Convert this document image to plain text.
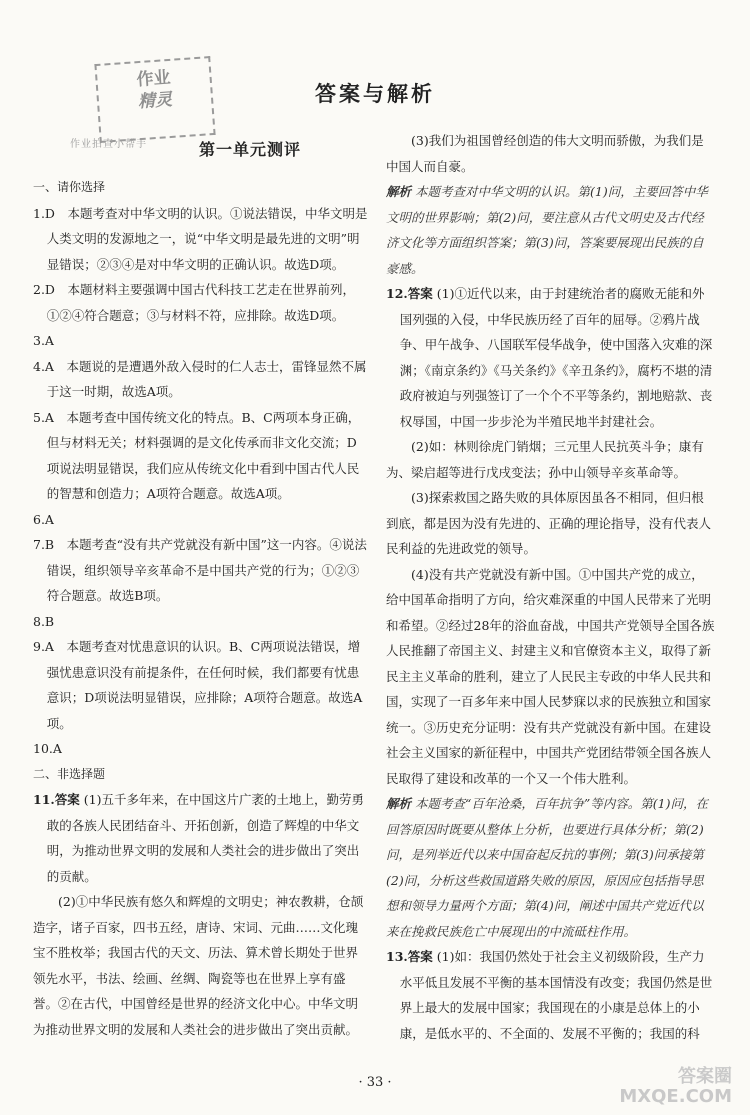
答案与解析
作业
精灵
作业拍查小帮手	第一单元测评

一、请你选择

1.D　本题考查对中华文明的认识。①说法错误，中华文明是人类文明的发源地之一，说“中华文明是最先进的文明”明显错误；②③④是对中华文明的正确认识。故选D项。

2.D　本题材料主要强调中国古代科技工艺走在世界前列，①②④符合题意；③与材料不符，应排除。故选D项。

3.A

4.A　本题说的是遭遇外敌入侵时的仁人志士，雷锋显然不属于这一时期，故选A项。

5.A　本题考查中国传统文化的特点。B、C两项本身正确，但与材料无关；材料强调的是文化传承而非文化交流；D项说法明显错误，我们应从传统文化中看到中国古代人民的智慧和创造力；A项符合题意。故选A项。

6.A

7.B　本题考查“没有共产党就没有新中国”这一内容。④说法错误，组织领导辛亥革命不是中国共产党的行为；①②③符合题意。故选B项。

8.B

9.A　本题考查对忧患意识的认识。B、C两项说法错误，增强忧患意识没有前提条件，在任何时候，我们都要有忧患意识；D项说法明显错误，应排除；A项符合题意。故选A项。

10.A

二、非选择题

11.答案 (1)五千多年来，在中国这片广袤的土地上，勤劳勇敢的各族人民团结奋斗、开拓创新，创造了辉煌的中华文明，为推动世界文明的发展和人类社会的进步做出了突出的贡献。

(2)①中华民族有悠久和辉煌的文明史；神农教耕，仓颉造字，诸子百家，四书五经，唐诗、宋词、元曲……文化瑰宝不胜枚举；我国古代的天文、历法、算术曾长期处于世界领先水平，书法、绘画、丝绸、陶瓷等也在世界上享有盛誉。②在古代，中国曾经是世界的经济文化中心。中华文明为推动世界文明的发展和人类社会的进步做出了突出贡献。

(3)我们为祖国曾经创造的伟大文明而骄傲，为我们是中国人而自豪。

解析 本题考查对中华文明的认识。第(1)问，主要回答中华文明的世界影响；第(2)问，要注意从古代文明史及古代经济文化等方面组织答案；第(3)问，答案要展现出民族的自豪感。

12.答案 (1)①近代以来，由于封建统治者的腐败无能和外国列强的入侵，中华民族历经了百年的屈辱。②鸦片战争、甲午战争、八国联军侵华战争，使中国落入灾难的深渊；《南京条约》《马关条约》《辛丑条约》，腐朽不堪的清政府被迫与列强签订了一个个不平等条约，割地赔款、丧权辱国，中国一步步沦为半殖民地半封建社会。

(2)如：林则徐虎门销烟；三元里人民抗英斗争；康有为、梁启超等进行戊戌变法；孙中山领导辛亥革命等。

(3)探索救国之路失败的具体原因虽各不相同，但归根到底，都是因为没有先进的、正确的理论指导，没有代表人民利益的先进政党的领导。

(4)没有共产党就没有新中国。①中国共产党的成立，给中国革命指明了方向，给灾难深重的中国人民带来了光明和希望。②经过28年的浴血奋战，中国共产党领导全国各族人民推翻了帝国主义、封建主义和官僚资本主义，取得了新民主主义革命的胜利，建立了人民民主专政的中华人民共和国，实现了一百多年来中国人民梦寐以求的民族独立和国家统一。③历史充分证明：没有共产党就没有新中国。在建设社会主义国家的新征程中，中国共产党团结带领全国各族人民取得了建设和改革的一个又一个伟大胜利。

解析 本题考查“百年沧桑，百年抗争”等内容。第(1)问，在回答原因时既要从整体上分析，也要进行具体分析；第(2)问，是列举近代以来中国奋起反抗的事例；第(3)问承接第(2)问，分析这些救国道路失败的原因，原因应包括指导思想和领导力量两个方面；第(4)问，阐述中国共产党近代以来在挽救民族危亡中展现出的中流砥柱作用。

13.答案 (1)如：我国仍然处于社会主义初级阶段，生产力水平低且发展不平衡的基本国情没有改变；我国仍然是世界上最大的发展中国家；我国现在的小康是总体上的小康，是低水平的、不全面的、发展不平衡的；我国的科

· 33 ·	答案圈
MXQE.COM
